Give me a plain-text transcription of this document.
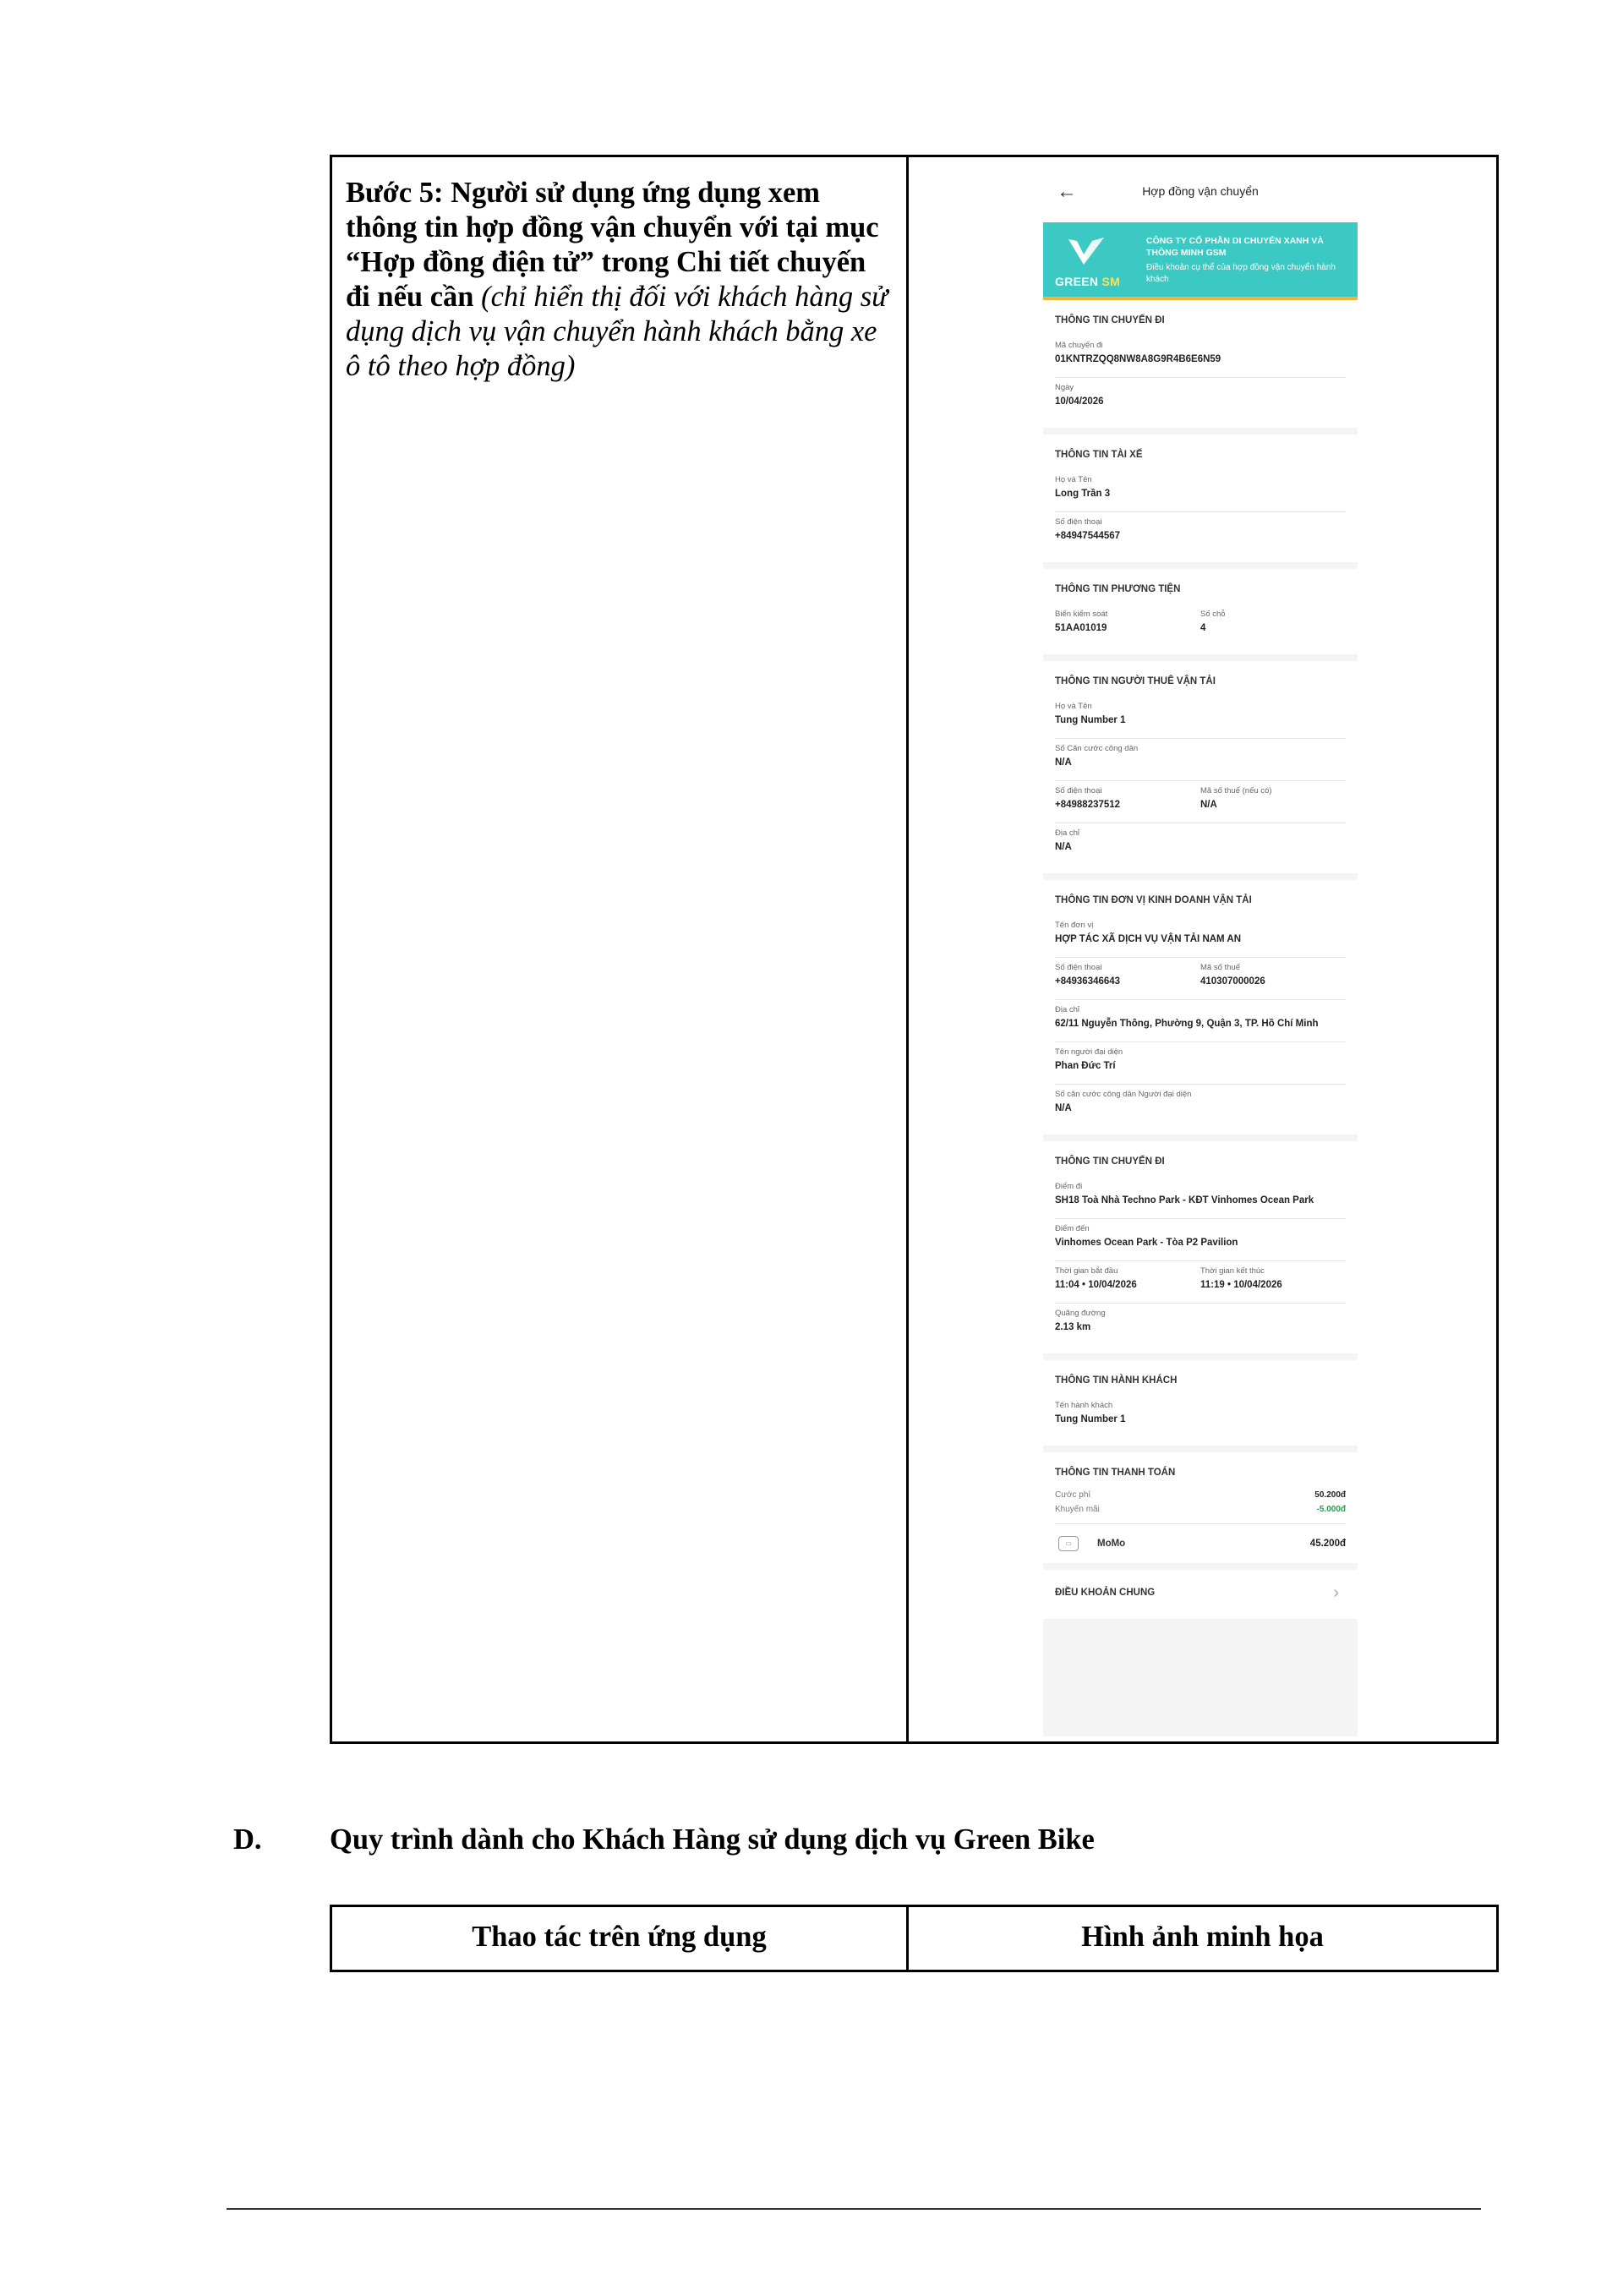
Bước 5: Người sử dụng ứng dụng xem thông tin hợp đồng vận chuyển với tại mục “Hợp đồng điện tử” trong Chi tiết chuyến đi nếu cần (chỉ hiển thị đối với khách hàng sử dụng dịch vụ vận chuyển hành khách bằng xe ô tô theo hợp đồng)
←	Hợp đồng vận chuyển
GREEN SM
CÔNG TY CỔ PHẦN DI CHUYỂN XANH VÀ THÔNG MINH GSM
Điều khoản cụ thể của hợp đồng vận chuyển hành khách
THÔNG TIN CHUYẾN ĐI
Mã chuyến đi
01KNTRZQQ8NW8A8G9R4B6E6N59
Ngày
10/04/2026
THÔNG TIN TÀI XẾ
Họ và Tên
Long Trần 3
Số điện thoại
+84947544567
THÔNG TIN PHƯƠNG TIỆN
Biển kiểm soát
51AA01019
Số chỗ
4
THÔNG TIN NGƯỜI THUÊ VẬN TẢI
Họ và Tên
Tung Number 1
Số Căn cước công dân
N/A
Số điện thoại
+84988237512
Mã số thuế (nếu có)
N/A
Địa chỉ
N/A
THÔNG TIN ĐƠN VỊ KINH DOANH VẬN TẢI
Tên đơn vị
HỢP TÁC XÃ DỊCH VỤ VẬN TẢI NAM AN
Số điện thoại
+84936346643
Mã số thuế
410307000026
Địa chỉ
62/11 Nguyễn Thông, Phường 9, Quận 3, TP. Hồ Chí Minh
Tên người đại diện
Phan Đức Trí
Số căn cước công dân Người đại diện
N/A
THÔNG TIN CHUYẾN ĐI
Điểm đi
SH18 Toà Nhà Techno Park - KĐT Vinhomes Ocean Park
Điểm đến
Vinhomes Ocean Park - Tòa P2 Pavilion
Thời gian bắt đầu
11:04 • 10/04/2026
Thời gian kết thúc
11:19 • 10/04/2026
Quãng đường
2.13 km
THÔNG TIN HÀNH KHÁCH
Tên hành khách
Tung Number 1
THÔNG TIN THANH TOÁN
Cước phí	50.200đ
Khuyến mãi	-5.000đ
▭	MoMo	45.200đ
ĐIỀU KHOẢN CHUNG	›
D. Quy trình dành cho Khách Hàng sử dụng dịch vụ Green Bike
Thao tác trên ứng dụng	Hình ảnh minh họa
